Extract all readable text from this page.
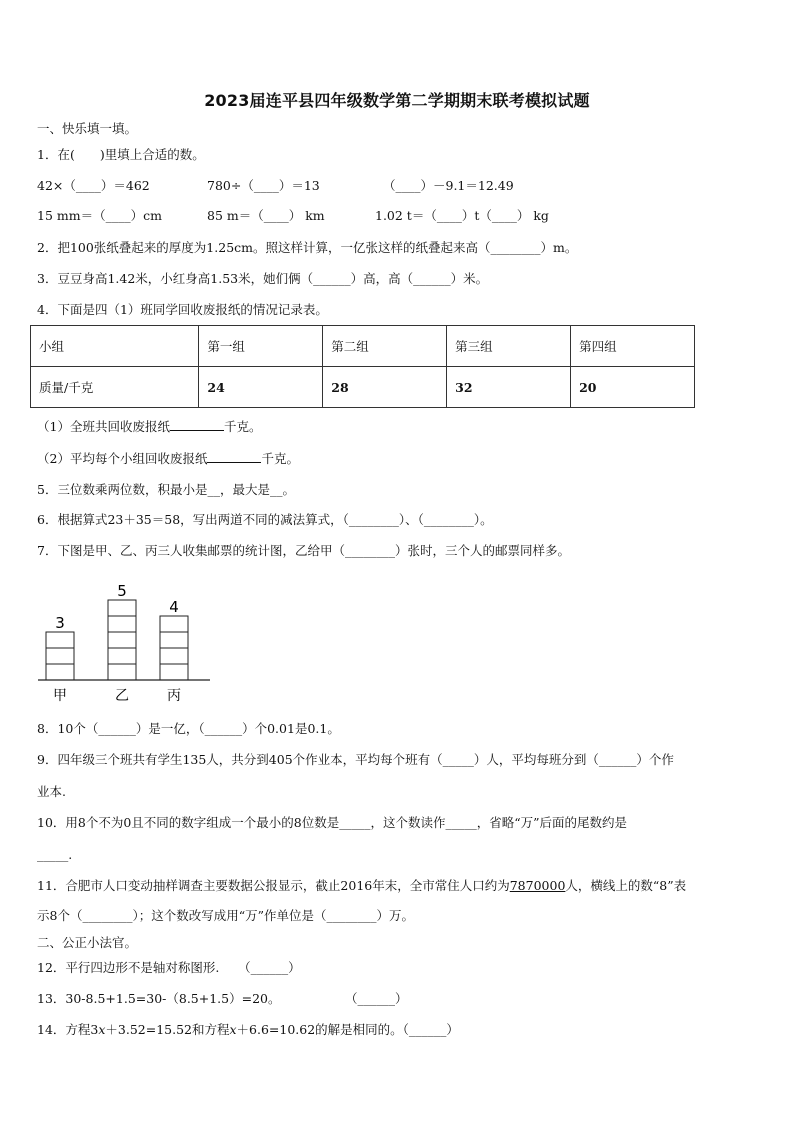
2023届连平县四年级数学第二学期期末联考模拟试题
一、快乐填一填。
1．在(　　)里填上合适的数。
42×（____）＝462	780÷（____）＝13	（____）－9.1＝12.49
15 mm＝（____）cm	85 m＝（____） km	1.02 t＝（____）t（____） kg
2．把100张纸叠起来的厚度为1.25cm。照这样计算，一亿张这样的纸叠起来高（________）m。
3．豆豆身高1.42米，小红身高1.53米，她们俩（______）高，高（______）米。
4．下面是四（1）班同学回收废报纸的情况记录表。
小组	第一组	第二组	第三组	第四组
质量/千克	24	28	32	20
（1）全班共回收废报纸	千克。
（2）平均每个小组回收废报纸	千克。
5．三位数乘两位数，积最小是__，最大是__。
6．根据算式23＋35＝58，写出两道不同的减法算式，（________）、（________）。
7．下图是甲、乙、丙三人收集邮票的统计图，乙给甲（________）张时，三个人的邮票同样多。
3
甲
5
乙
4
丙
8．10个（______）是一亿，（______）个0.01是0.1。
9．四年级三个班共有学生135人，共分到405个作业本，平均每个班有（_____）人，平均每班分到（______）个作
业本.
10．用8个不为0且不同的数字组成一个最小的8位数是_____，这个数读作_____，省略“万”后面的尾数约是
_____.
11．合肥市人口变动抽样调查主要数据公报显示，截止2016年末，全市常住人口约为7870000人，横线上的数“8”表
示8个（________）；这个数改写成用“万”作单位是（________）万。
二、公正小法官。
12．平行四边形不是轴对称图形.　　（______）
13．30-8.5+1.5=30-（8.5+1.5）=20。	（______）
14．方程3𝑥＋3.52=15.52和方程𝑥＋6.6=10.62的解是相同的。（______）
